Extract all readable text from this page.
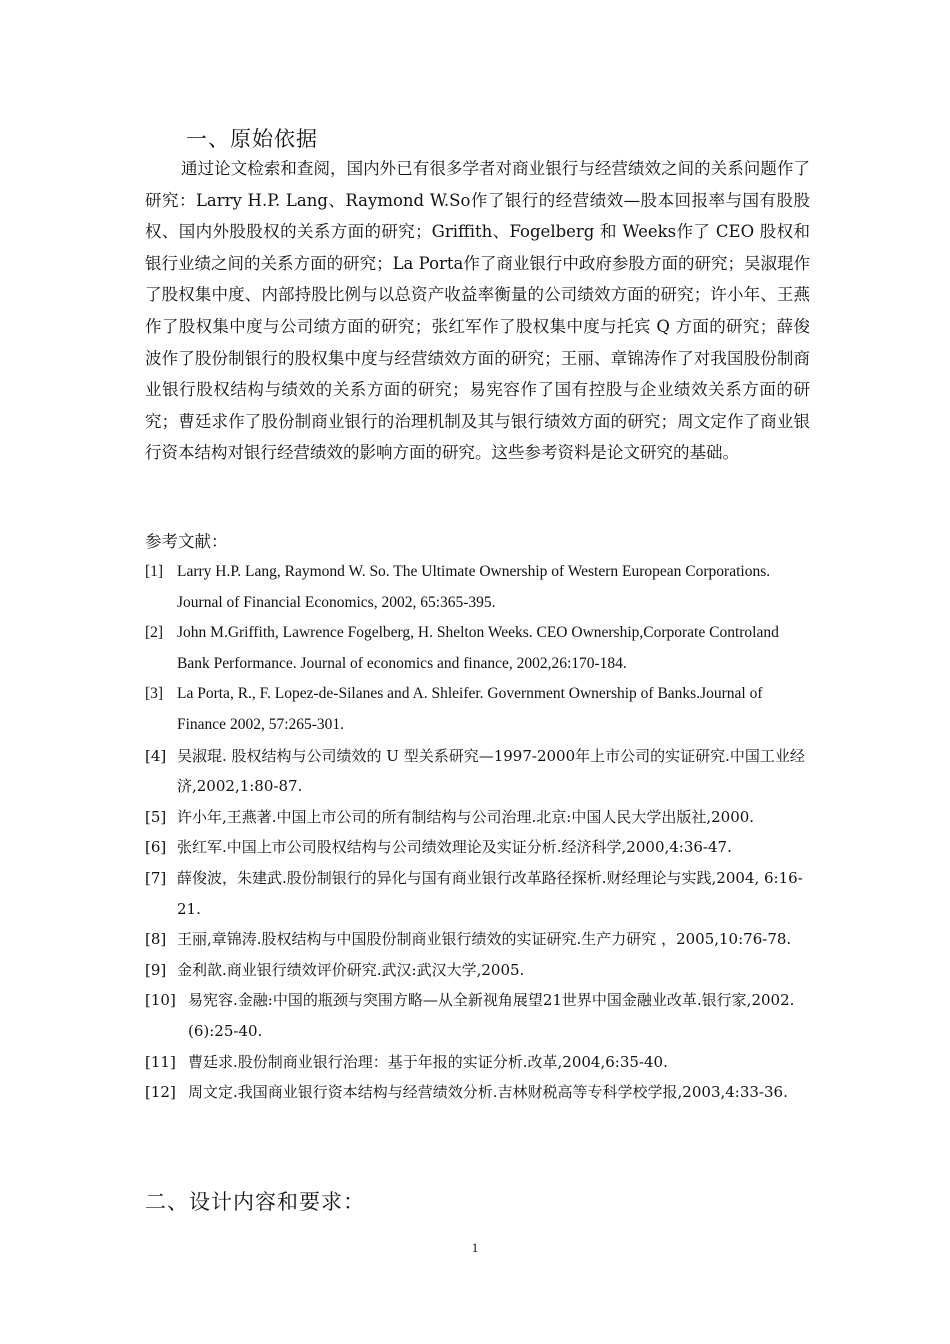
一、原始依据
通过论文检索和查阅，国内外已有很多学者对商业银行与经营绩效之间的关系问题作了研究：Larry H.P. Lang、Raymond W.So作了银行的经营绩效—股本回报率与国有股股权、国内外股股权的关系方面的研究；Griffith、Fogelberg 和 Weeks作了 CEO 股权和银行业绩之间的关系方面的研究；La Porta作了商业银行中政府参股方面的研究；吴淑琨作了股权集中度、内部持股比例与以总资产收益率衡量的公司绩效方面的研究；许小年、王燕作了股权集中度与公司绩方面的研究；张红军作了股权集中度与托宾 Q 方面的研究；薛俊波作了股份制银行的股权集中度与经营绩效方面的研究；王丽、章锦涛作了对我国股份制商业银行股权结构与绩效的关系方面的研究；易宪容作了国有控股与企业绩效关系方面的研究；曹廷求作了股份制商业银行的治理机制及其与银行绩效方面的研究；周文定作了商业银行资本结构对银行经营绩效的影响方面的研究。这些参考资料是论文研究的基础。
参考文献：
[1] Larry H.P. Lang, Raymond W. So. The Ultimate Ownership of Western European Corporations. Journal of Financial Economics, 2002, 65:365-395.
[2] John M.Griffith, Lawrence Fogelberg, H. Shelton Weeks. CEO Ownership,Corporate Controland Bank Performance. Journal of economics and finance, 2002,26:170-184.
[3] La Porta, R., F. Lopez-de-Silanes and A. Shleifer. Government Ownership of Banks.Journal of Finance 2002, 57:265-301.
[4] 吴淑琨. 股权结构与公司绩效的 U 型关系研究—1997-2000年上市公司的实证研究.中国工业经济,2002,1:80-87.
[5] 许小年,王燕著.中国上市公司的所有制结构与公司治理.北京:中国人民大学出版社,2000.
[6] 张红军.中国上市公司股权结构与公司绩效理论及实证分析.经济科学,2000,4:36-47.
[7] 薛俊波，朱建武.股份制银行的异化与国有商业银行改革路径探析.财经理论与实践,2004, 6:16-21.
[8] 王丽,章锦涛.股权结构与中国股份制商业银行绩效的实证研究.生产力研究 ，2005,10:76-78.
[9] 金利歆.商业银行绩效评价研究.武汉:武汉大学,2005.
[10] 易宪容.金融:中国的瓶颈与突围方略—从全新视角展望21世界中国金融业改革.银行家,2002.(6):25-40.
[11] 曹廷求.股份制商业银行治理：基于年报的实证分析.改革,2004,6:35-40.
[12] 周文定.我国商业银行资本结构与经营绩效分析.吉林财税高等专科学校学报,2003,4:33-36.
二、设计内容和要求：
1
